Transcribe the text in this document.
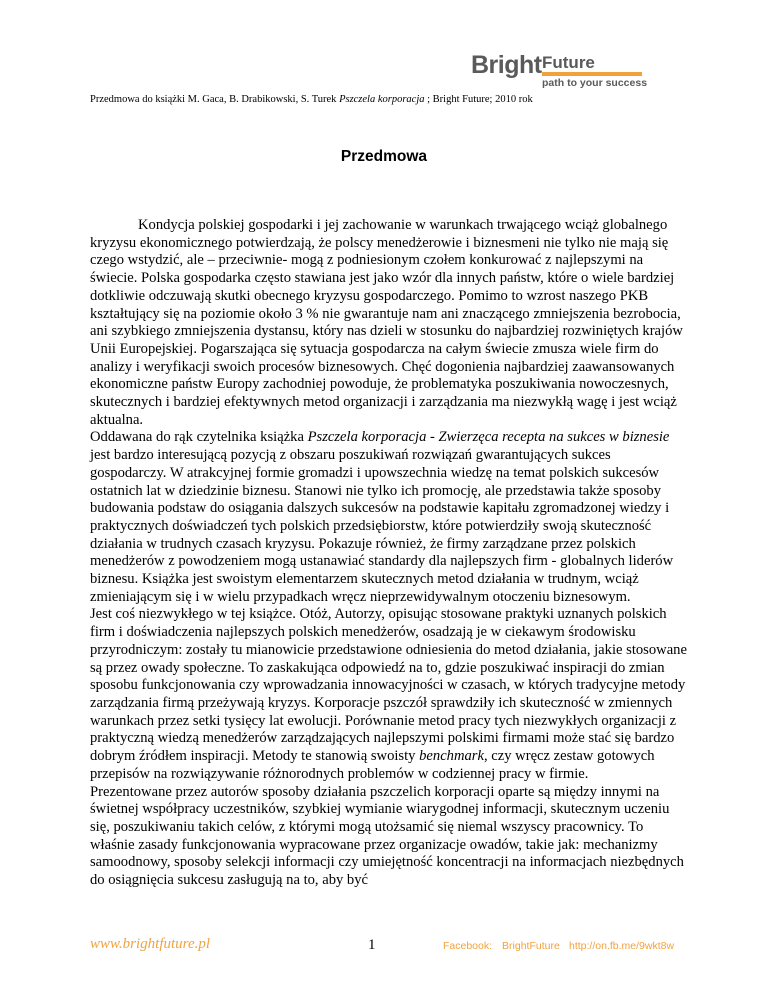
Bright Future
path to your success
Przedmowa do książki M. Gaca, B. Drabikowski, S. Turek Pszczela korporacja ; Bright Future; 2010 rok
Przedmowa

Kondycja polskiej gospodarki i jej zachowanie w warunkach trwającego wciąż globalnego kryzysu ekonomicznego potwierdzają, że polscy menedżerowie i biznesmeni nie tylko nie mają się czego wstydzić, ale – przeciwnie- mogą z podniesionym czołem konkurować z najlepszymi na świecie. Polska gospodarka często stawiana jest jako wzór dla innych państw, które o wiele bardziej dotkliwie odczuwają skutki obecnego kryzysu gospodarczego. Pomimo to wzrost naszego PKB kształtujący się na poziomie około 3 % nie gwarantuje nam ani znaczącego zmniejszenia bezrobocia, ani szybkiego zmniejszenia dystansu, który nas dzieli w stosunku do najbardziej rozwiniętych krajów Unii Europejskiej. Pogarszająca się sytuacja gospodarcza na całym świecie zmusza wiele firm do analizy i weryfikacji swoich procesów biznesowych. Chęć dogonienia najbardziej zaawansowanych ekonomiczne państw Europy zachodniej powoduje, że problematyka poszukiwania nowoczesnych, skutecznych i bardziej efektywnych metod organizacji i zarządzania ma niezwykłą wagę i jest wciąż aktualna.

Oddawana do rąk czytelnika książka Pszczela korporacja - Zwierzęca recepta na sukces w biznesie jest bardzo interesującą pozycją z obszaru poszukiwań rozwiązań gwarantujących sukces gospodarczy. W atrakcyjnej formie gromadzi i upowszechnia wiedzę na temat polskich sukcesów ostatnich lat w dziedzinie biznesu. Stanowi nie tylko ich promocję, ale przedstawia także sposoby budowania podstaw do osiągania dalszych sukcesów na podstawie kapitału zgromadzonej wiedzy i praktycznych doświadczeń tych polskich przedsiębiorstw, które potwierdziły swoją skuteczność działania w trudnych czasach kryzysu. Pokazuje również, że firmy zarządzane przez polskich menedżerów z powodzeniem mogą ustanawiać standardy dla najlepszych firm - globalnych liderów biznesu. Książka jest swoistym elementarzem skutecznych metod działania w trudnym, wciąż zmieniającym się i w wielu przypadkach wręcz nieprzewidywalnym otoczeniu biznesowym.

Jest coś niezwykłego w tej książce. Otóż, Autorzy, opisując stosowane praktyki uznanych polskich firm i doświadczenia najlepszych polskich menedżerów, osadzają je w ciekawym środowisku przyrodniczym: zostały tu mianowicie przedstawione odniesienia do metod działania, jakie stosowane są przez owady społeczne. To zaskakująca odpowiedź na to, gdzie poszukiwać inspiracji do zmian sposobu funkcjonowania czy wprowadzania innowacyjności w czasach, w których tradycyjne metody zarządzania firmą przeżywają kryzys. Korporacje pszczół sprawdziły ich skuteczność w zmiennych warunkach przez setki tysięcy lat ewolucji. Porównanie metod pracy tych niezwykłych organizacji z praktyczną wiedzą menedżerów zarządzających najlepszymi polskimi firmami może stać się bardzo dobrym źródłem inspiracji. Metody te stanowią swoisty benchmark, czy wręcz zestaw gotowych przepisów na rozwiązywanie różnorodnych problemów w codziennej pracy w firmie.

Prezentowane przez autorów sposoby działania pszczelich korporacji oparte są między innymi na świetnej współpracy uczestników, szybkiej wymianie wiarygodnej informacji, skutecznym uczeniu się, poszukiwaniu takich celów, z którymi mogą utożsamić się niemal wszyscy pracownicy. To właśnie zasady funkcjonowania wypracowane przez organizacje owadów, takie jak: mechanizmy samoodnowy, sposoby selekcji informacji czy umiejętność koncentracji na informacjach niezbędnych do osiągnięcia sukcesu zasługują na to, aby być

www.brightfuture.pl	1	Facebook: BrightFuture http://on.fb.me/9wkt8w
